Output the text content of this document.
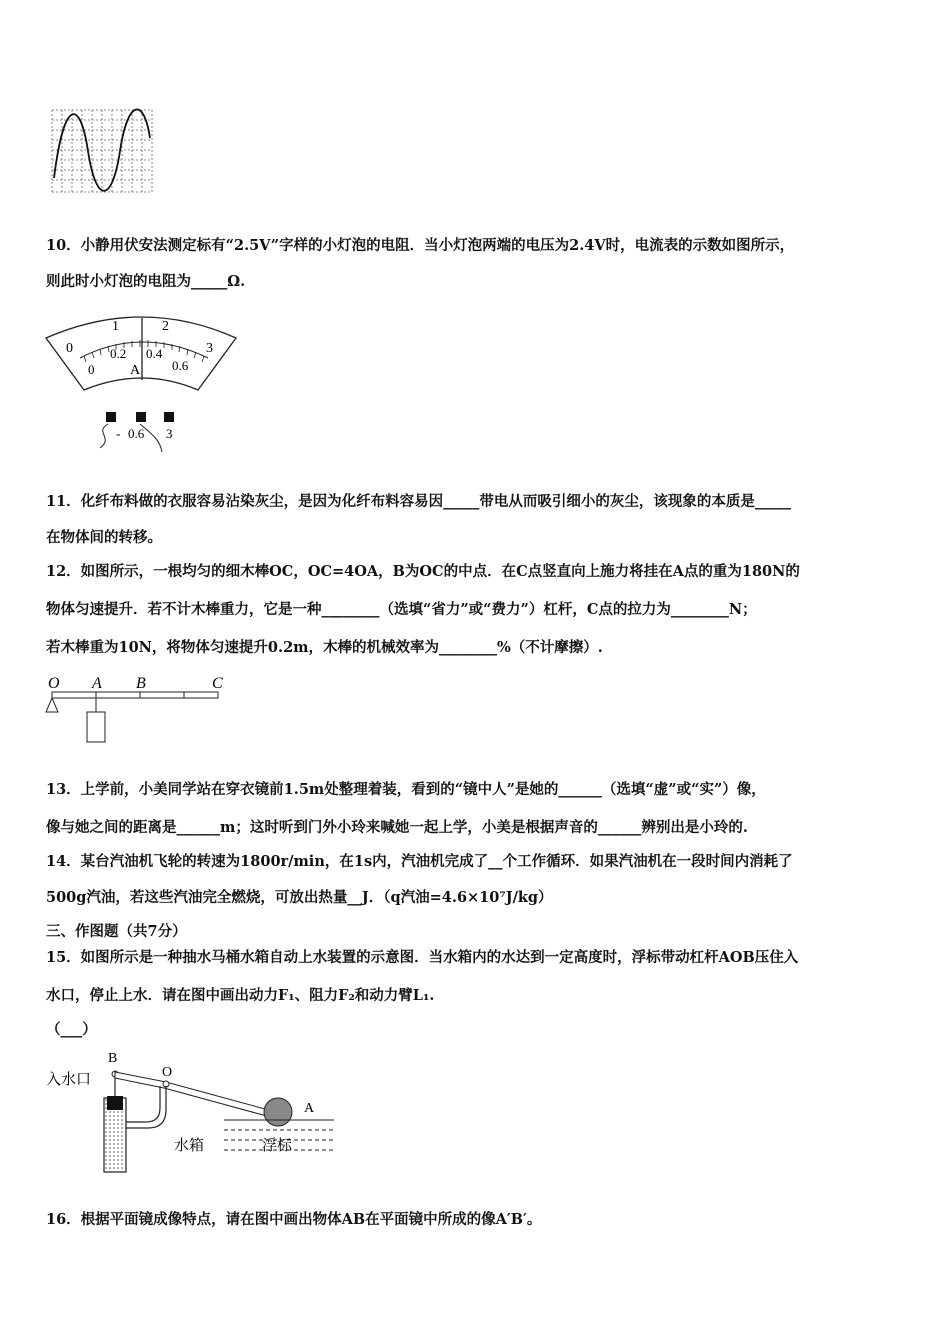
10．小静用伏安法测定标有“2.5V”字样的小灯泡的电阻．当小灯泡两端的电压为2.4V时，电流表的示数如图所示，
则此时小灯泡的电阻为_____Ω.
0
1	2
3
0
0.2 0.4
0.6
A
- 0.6 3
11．化纤布料做的衣服容易沾染灰尘，是因为化纤布料容易因_____带电从而吸引细小的灰尘，该现象的本质是_____
在物体间的转移。
12．如图所示，一根均匀的细木棒OC，OC=4OA，B为OC的中点．在C点竖直向上施力将挂在A点的重为180N的
物体匀速提升．若不计木棒重力，它是一种________（选填“省力”或“费力”）杠杆，C点的拉力为________N；
若木棒重为10N，将物体匀速提升0.2m，木棒的机械效率为________%（不计摩擦）.
O A B	C
13．上学前，小美同学站在穿衣镜前1.5m处整理着装，看到的“镜中人”是她的______（选填“虚”或“实”）像，
像与她之间的距离是______m；这时听到门外小玲来喊她一起上学，小美是根据声音的______辨别出是小玲的.
14．某台汽油机飞轮的转速为1800r/min，在1s内，汽油机完成了__个工作循环．如果汽油机在一段时间内消耗了
500g汽油，若这些汽油完全燃烧，可放出热量__J．（q汽油=4.6×10⁷J/kg）
三、作图题（共7分）
15．如图所示是一种抽水马桶水箱自动上水装置的示意图．当水箱内的水达到一定高度时，浮标带动杠杆AOB压住入
水口，停止上水．请在图中画出动力F₁、阻力F₂和动力臂L₁.
（___）
入水口
B
O
A
水箱	浮标
16．根据平面镜成像特点，请在图中画出物体AB在平面镜中所成的像A′B′。
